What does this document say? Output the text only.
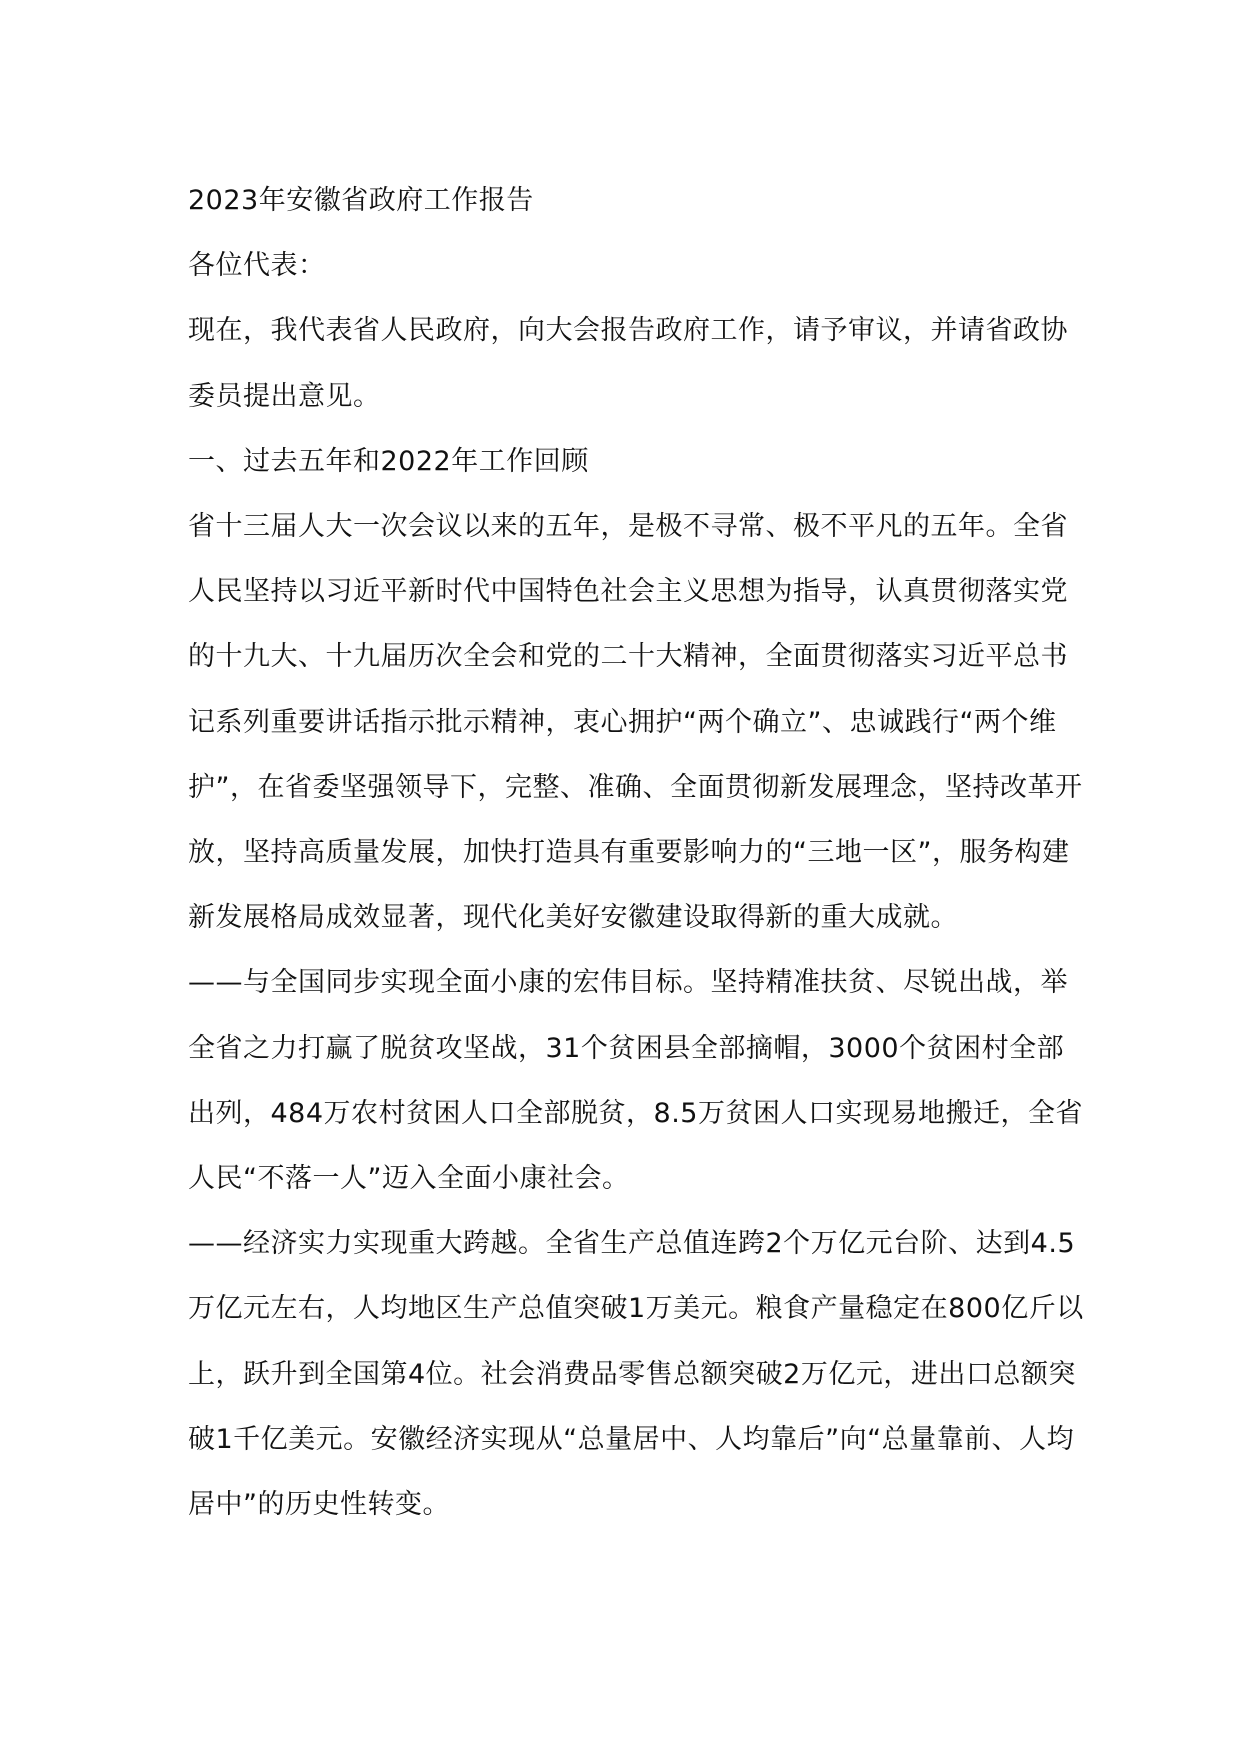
2023年安徽省政府工作报告

各位代表：

现在，我代表省人民政府，向大会报告政府工作，请予审议，并请省政协委员提出意见。

一、过去五年和2022年工作回顾

省十三届人大一次会议以来的五年，是极不寻常、极不平凡的五年。全省人民坚持以习近平新时代中国特色社会主义思想为指导，认真贯彻落实党的十九大、十九届历次全会和党的二十大精神，全面贯彻落实习近平总书记系列重要讲话指示批示精神，衷心拥护“两个确立”、忠诚践行“两个维护”，在省委坚强领导下，完整、准确、全面贯彻新发展理念，坚持改革开放，坚持高质量发展，加快打造具有重要影响力的“三地一区”，服务构建新发展格局成效显著，现代化美好安徽建设取得新的重大成就。

——与全国同步实现全面小康的宏伟目标。坚持精准扶贫、尽锐出战，举全省之力打赢了脱贫攻坚战，31个贫困县全部摘帽，3000个贫困村全部出列，484万农村贫困人口全部脱贫，8.5万贫困人口实现易地搬迁，全省人民“不落一人”迈入全面小康社会。

——经济实力实现重大跨越。全省生产总值连跨2个万亿元台阶、达到4.5万亿元左右，人均地区生产总值突破1万美元。粮食产量稳定在800亿斤以上，跃升到全国第4位。社会消费品零售总额突破2万亿元，进出口总额突破1千亿美元。安徽经济实现从“总量居中、人均靠后”向“总量靠前、人均居中”的历史性转变。
